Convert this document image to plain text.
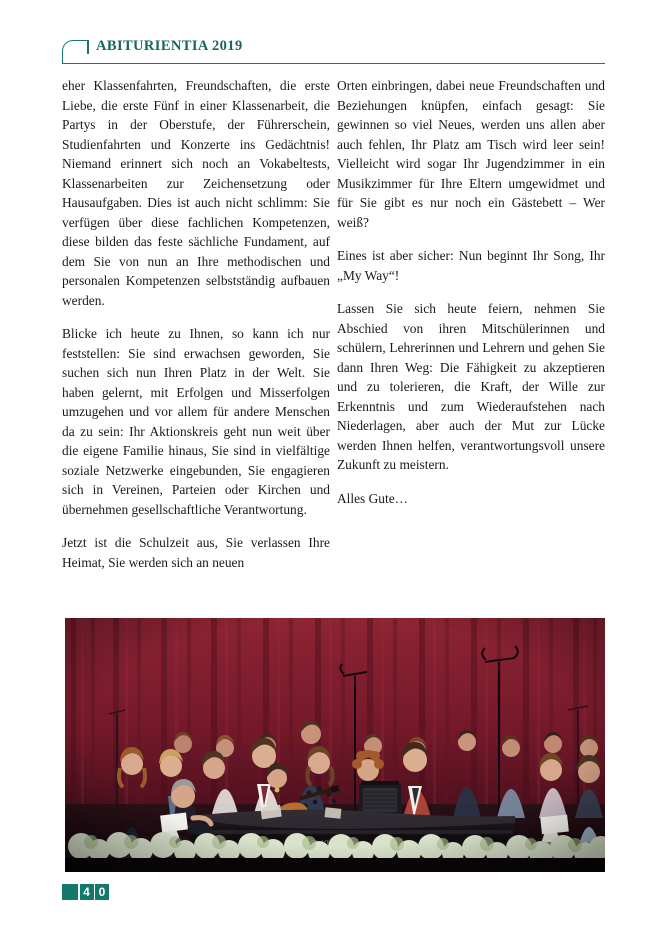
ABITURIENTIA 2019

eher Klassenfahrten, Freundschaften, die erste Liebe, die erste Fünf in einer Klassenarbeit, die Partys in der Oberstufe, der Führerschein, Studienfahrten und Konzerte ins Gedächtnis! Niemand erinnert sich noch an Vokabeltests, Klassenarbeiten zur Zeichensetzung oder Hausaufgaben. Dies ist auch nicht schlimm: Sie verfügen über diese fachlichen Kompetenzen, diese bilden das feste sächliche Fundament, auf dem Sie von nun an Ihre methodischen und personalen Kompetenzen selbstständig aufbauen werden.

Blicke ich heute zu Ihnen, so kann ich nur feststellen: Sie sind erwachsen geworden, Sie suchen sich nun Ihren Platz in der Welt. Sie haben gelernt, mit Erfolgen und Misserfolgen umzugehen und vor allem für andere Menschen da zu sein: Ihr Aktionskreis geht nun weit über die eigene Familie hinaus, Sie sind in vielfältige soziale Netzwerke eingebunden, Sie engagieren sich in Vereinen, Parteien oder Kirchen und übernehmen gesellschaftliche Verantwortung.

Jetzt ist die Schulzeit aus, Sie verlassen Ihre Heimat, Sie werden sich an neuen

Orten einbringen, dabei neue Freundschaften und Beziehungen knüpfen, einfach gesagt: Sie gewinnen so viel Neues, werden uns allen aber auch fehlen, Ihr Platz am Tisch wird leer sein! Vielleicht wird sogar Ihr Jugendzimmer in ein Musikzimmer für Ihre Eltern umgewidmet und für Sie gibt es nur noch ein Gästebett – Wer weiß?

Eines ist aber sicher: Nun beginnt Ihr Song, Ihr „My Way“!

Lassen Sie sich heute feiern, nehmen Sie Abschied von ihren Mitschülerinnen und schülern, Lehrerinnen und Lehrern und gehen Sie dann Ihren Weg: Die Fähigkeit zu akzeptieren und zu tolerieren, die Kraft, der Wille zur Erkenntnis und zum Wiederaufstehen nach Niederlagen, aber auch der Mut zur Lücke werden Ihnen helfen, verantwortungsvoll unsere Zukunft zu meistern.

Alles Gute…

4 0
